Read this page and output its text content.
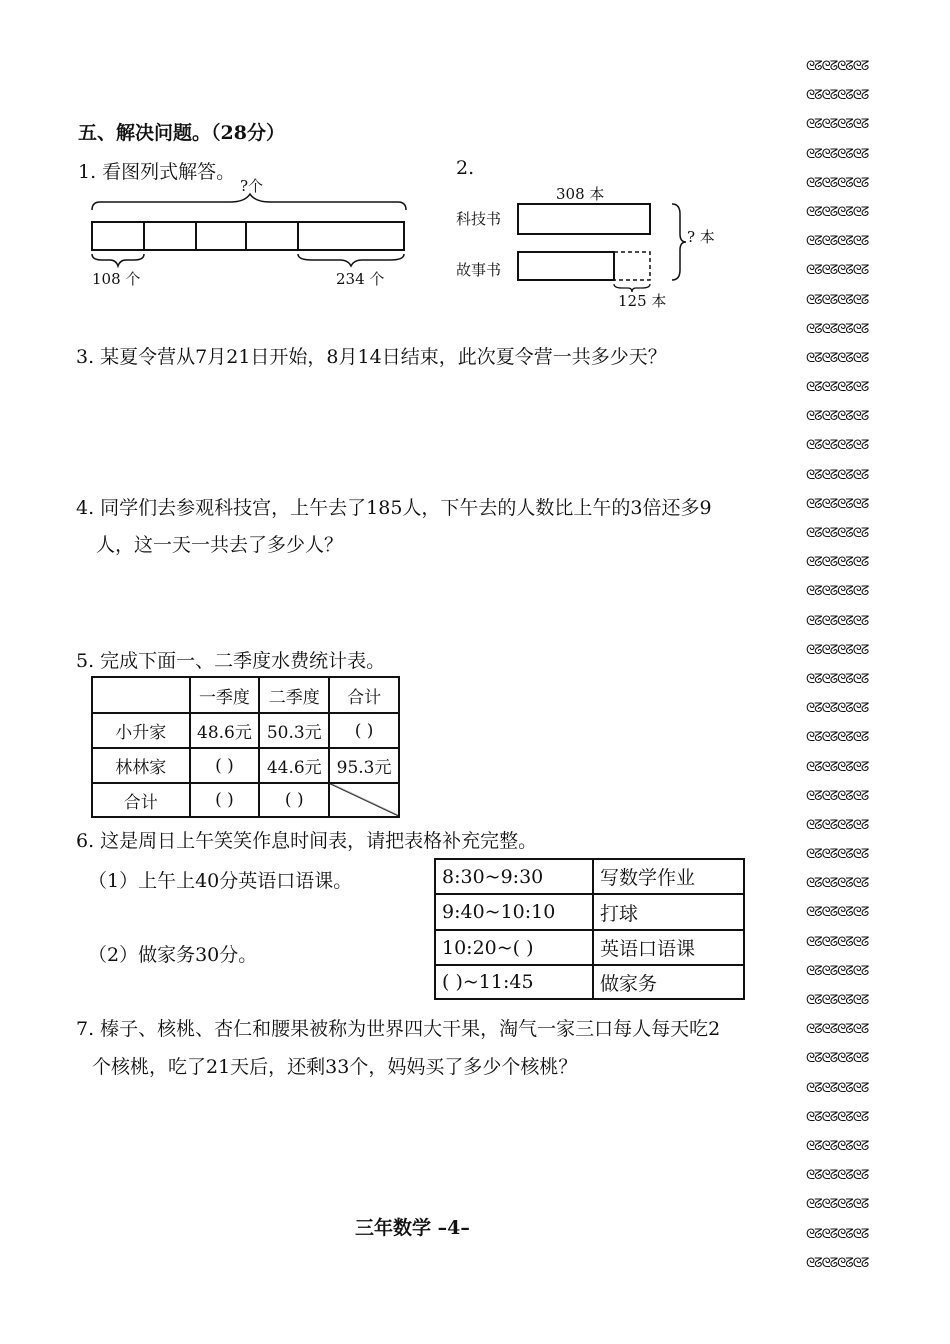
ᘓᘔᘓᘔᘓᘔᘓᘔ
ᘓᘔᘓᘔᘓᘔᘓᘔ
ᘓᘔᘓᘔᘓᘔᘓᘔ
ᘓᘔᘓᘔᘓᘔᘓᘔ
ᘓᘔᘓᘔᘓᘔᘓᘔ
ᘓᘔᘓᘔᘓᘔᘓᘔ
ᘓᘔᘓᘔᘓᘔᘓᘔ
ᘓᘔᘓᘔᘓᘔᘓᘔ
ᘓᘔᘓᘔᘓᘔᘓᘔ
ᘓᘔᘓᘔᘓᘔᘓᘔ
ᘓᘔᘓᘔᘓᘔᘓᘔ
ᘓᘔᘓᘔᘓᘔᘓᘔ
ᘓᘔᘓᘔᘓᘔᘓᘔ
ᘓᘔᘓᘔᘓᘔᘓᘔ
ᘓᘔᘓᘔᘓᘔᘓᘔ
ᘓᘔᘓᘔᘓᘔᘓᘔ
ᘓᘔᘓᘔᘓᘔᘓᘔ
ᘓᘔᘓᘔᘓᘔᘓᘔ
ᘓᘔᘓᘔᘓᘔᘓᘔ
ᘓᘔᘓᘔᘓᘔᘓᘔ
ᘓᘔᘓᘔᘓᘔᘓᘔ
ᘓᘔᘓᘔᘓᘔᘓᘔ
ᘓᘔᘓᘔᘓᘔᘓᘔ
ᘓᘔᘓᘔᘓᘔᘓᘔ
ᘓᘔᘓᘔᘓᘔᘓᘔ
ᘓᘔᘓᘔᘓᘔᘓᘔ
ᘓᘔᘓᘔᘓᘔᘓᘔ
ᘓᘔᘓᘔᘓᘔᘓᘔ
ᘓᘔᘓᘔᘓᘔᘓᘔ
ᘓᘔᘓᘔᘓᘔᘓᘔ
ᘓᘔᘓᘔᘓᘔᘓᘔ
ᘓᘔᘓᘔᘓᘔᘓᘔ
ᘓᘔᘓᘔᘓᘔᘓᘔ
ᘓᘔᘓᘔᘓᘔᘓᘔ
ᘓᘔᘓᘔᘓᘔᘓᘔ
ᘓᘔᘓᘔᘓᘔᘓᘔ
ᘓᘔᘓᘔᘓᘔᘓᘔ
ᘓᘔᘓᘔᘓᘔᘓᘔ
ᘓᘔᘓᘔᘓᘔᘓᘔ
ᘓᘔᘓᘔᘓᘔᘓᘔ
ᘓᘔᘓᘔᘓᘔᘓᘔ
ᘓᘔᘓᘔᘓᘔᘓᘔ
五、解决问题。（28分）
1. 看图列式解答。
?个
108 个	234 个
2.
308 本
科技书
故事书
? 本
125 本
3. 某夏令营从7月21日开始，8月14日结束，此次夏令营一共多少天？
4. 同学们去参观科技宫，上午去了185人，下午去的人数比上午的3倍还多9
人，这一天一共去了多少人？
5. 完成下面一、二季度水费统计表。
	一季度	二季度	合计
小升家	48.6元	50.3元	( )
林林家	( )	44.6元	95.3元
合计	( )	( )	
6. 这是周日上午笑笑作息时间表，请把表格补充完整。
（1）上午上40分英语口语课。
（2）做家务30分。
8:30~9:30	写数学作业
9:40~10:10	打球
10:20~( )	英语口语课
( )~11:45	做家务
7. 榛子、核桃、杏仁和腰果被称为世界四大干果，淘气一家三口每人每天吃2
个核桃，吃了21天后，还剩33个，妈妈买了多少个核桃？
三年数学 –4–
